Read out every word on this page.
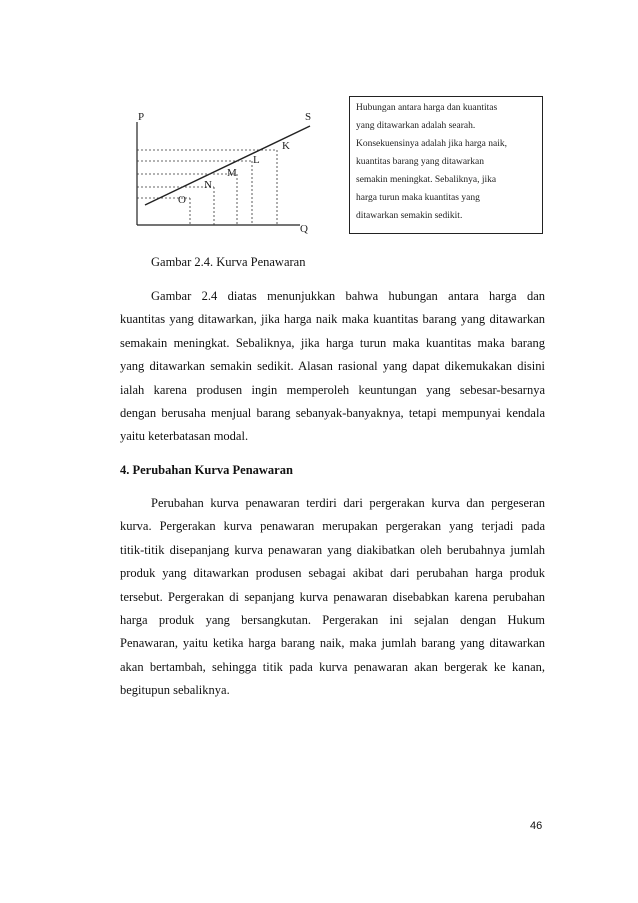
P	S
K
L
M
N
O
Q
Hubungan antara harga dan kuantitas
yang ditawarkan adalah searah.
Konsekuensinya adalah jika harga naik,
kuantitas barang yang ditawarkan
semakin meningkat. Sebaliknya, jika
harga turun maka kuantitas yang
ditawarkan semakin sedikit.
Gambar 2.4. Kurva Penawaran
Gambar 2.4 diatas menunjukkan bahwa hubungan antara harga dan
kuantitas yang ditawarkan, jika harga naik maka kuantitas barang yang ditawarkan
semakain meningkat. Sebaliknya, jika harga turun maka kuantitas maka barang
yang ditawarkan semakin sedikit. Alasan rasional yang dapat dikemukakan disini
ialah karena produsen ingin memperoleh keuntungan yang sebesar-besarnya
dengan berusaha menjual barang sebanyak-banyaknya, tetapi mempunyai kendala
yaitu keterbatasan modal.
4. Perubahan Kurva Penawaran
Perubahan kurva penawaran terdiri dari pergerakan kurva dan pergeseran
kurva. Pergerakan kurva penawaran merupakan pergerakan yang terjadi pada
titik-titik disepanjang kurva penawaran yang diakibatkan oleh berubahnya jumlah
produk yang ditawarkan produsen sebagai akibat dari perubahan harga produk
tersebut. Pergerakan di sepanjang kurva penawaran disebabkan karena perubahan
harga produk yang bersangkutan. Pergerakan ini sejalan dengan Hukum
Penawaran, yaitu ketika harga barang naik, maka jumlah barang yang ditawarkan
akan bertambah, sehingga titik pada kurva penawaran akan bergerak ke kanan,
begitupun sebaliknya.
46
